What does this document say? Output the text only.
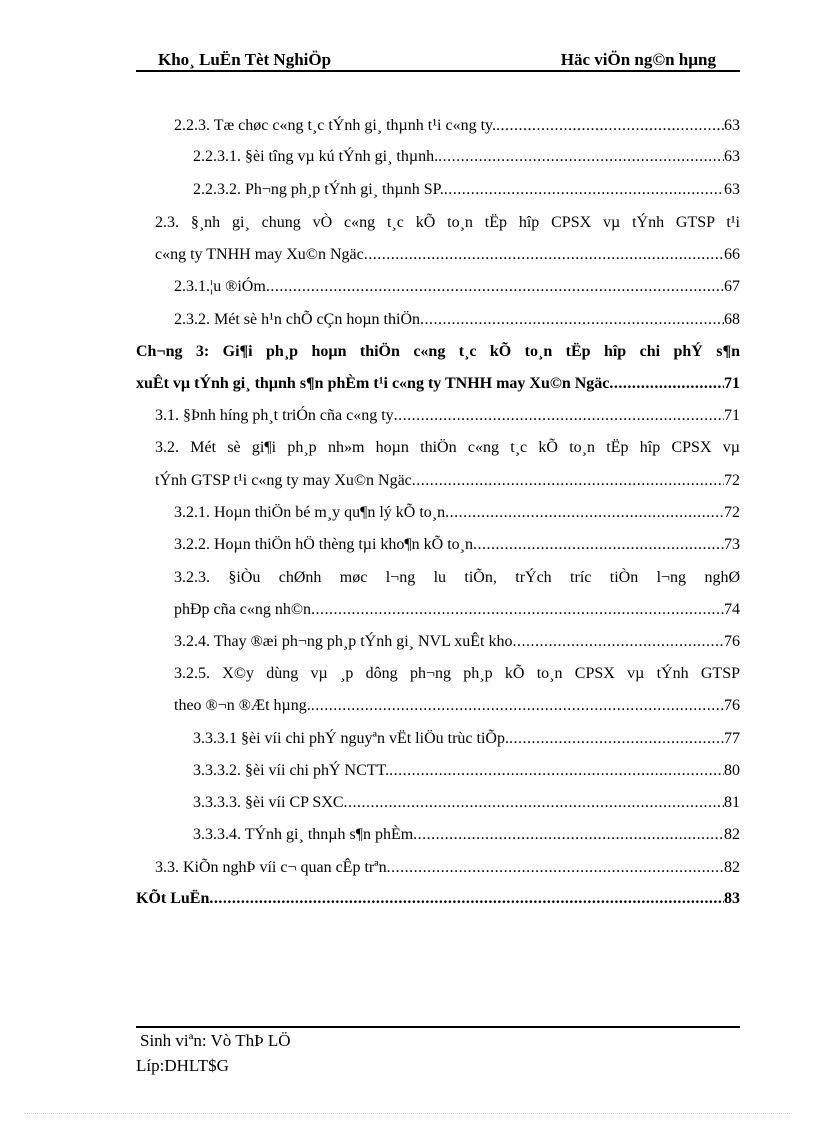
Kho¸ LuËn Tèt NghiÖp	Häc viÖn ng©n hµng
2.2.3. Tæ chøc c«ng t¸c tÝnh gi¸ thµnh t¹i c«ng ty. .....	63
2.2.3.1. §èi tîng vµ kú tÝnh gi¸ thµnh. .....	63
2.2.3.2. Ph¬ng ph¸p tÝnh gi¸ thµnh SP. .....	63
2.3. §¸nh gi¸ chung vÒ c«ng t¸c kÕ to¸n tËp hîp CPSX vµ tÝnh GTSP t¹i
c«ng ty TNHH may Xu©n Ngäc .....	66
2.3.1.¦u ®iÓm .....	67
2.3.2. Mét sè h¹n chÕ cÇn hoµn thiÖn .....	68
Ch¬ng 3: Gi¶i ph¸p hoµn thiÖn c«ng t¸c kÕ to¸n tËp hîp chi phÝ s¶n
xuÊt vµ tÝnh gi¸ thµnh s¶n phÈm t¹i c«ng ty TNHH may Xu©n Ngäc .....	71
3.1. §Þnh híng ph¸t triÓn cña c«ng ty .....	71
3.2. Mét sè gi¶i ph¸p nh»m hoµn thiÖn c«ng t¸c kÕ to¸n tËp hîp CPSX vµ
tÝnh GTSP t¹i c«ng ty may Xu©n Ngäc .....	72
3.2.1. Hoµn thiÖn bé m¸y qu¶n lý kÕ to¸n .....	72
3.2.2. Hoµn thiÖn hÖ thèng tµi kho¶n kÕ to¸n .....	73
3.2.3. §iÒu chØnh møc l¬ng lu tiÕn, trÝch tríc tiÒn l¬ng nghØ
phÐp cña c«ng nh©n .....	74
3.2.4. Thay ®æi ph¬ng ph¸p tÝnh gi¸ NVL xuÊt kho .....	76
3.2.5. X©y dùng vµ ¸p dông ph¬ng ph¸p kÕ to¸n CPSX vµ tÝnh GTSP
theo ®¬n ®Æt hµng. .....	76
3.3.3.1 §èi víi chi phÝ nguyªn vËt liÖu trùc tiÕp. .....	77
3.3.3.2. §èi víi chi phÝ NCTT. .....	80
3.3.3.3. §èi víi CP SXC .....	81
3.3.3.4. TÝnh gi¸ thnµh s¶n phÈm .....	82
3.3. KiÕn nghÞ víi c¬ quan cÊp trªn .....	82
KÕt LuËn .....	83
Sinh viªn: Vò ThÞ LÖ
Líp:DHLT$G
